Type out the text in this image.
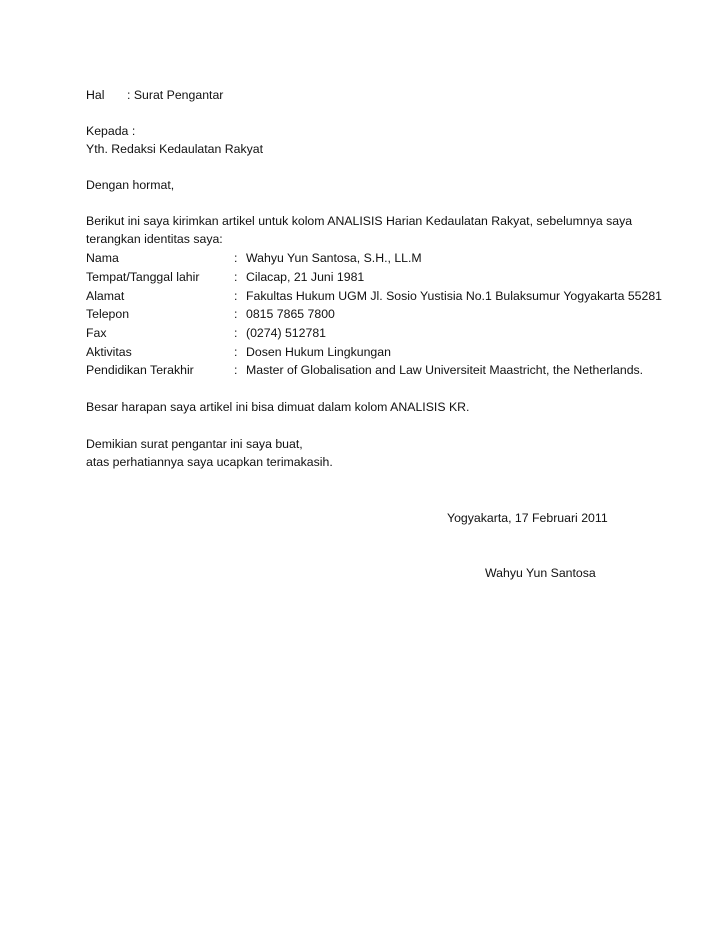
Hal : Surat Pengantar
Kepada :
Yth. Redaksi Kedaulatan Rakyat
Dengan hormat,
Berikut ini saya kirimkan artikel untuk kolom ANALISIS Harian Kedaulatan Rakyat, sebelumnya saya
terangkan identitas saya:
Nama	: Wahyu Yun Santosa, S.H., LL.M
Tempat/Tanggal lahir	: Cilacap, 21 Juni 1981
Alamat	: Fakultas Hukum UGM Jl. Sosio Yustisia No.1 Bulaksumur Yogyakarta 55281
Telepon	: 0815 7865 7800
Fax	: (0274) 512781
Aktivitas	: Dosen Hukum Lingkungan
Pendidikan Terakhir	: Master of Globalisation and Law Universiteit Maastricht, the Netherlands.
Besar harapan saya artikel ini bisa dimuat dalam kolom ANALISIS KR.
Demikian surat pengantar ini saya buat,
atas perhatiannya saya ucapkan terimakasih.
Yogyakarta, 17 Februari 2011
Wahyu Yun Santosa
